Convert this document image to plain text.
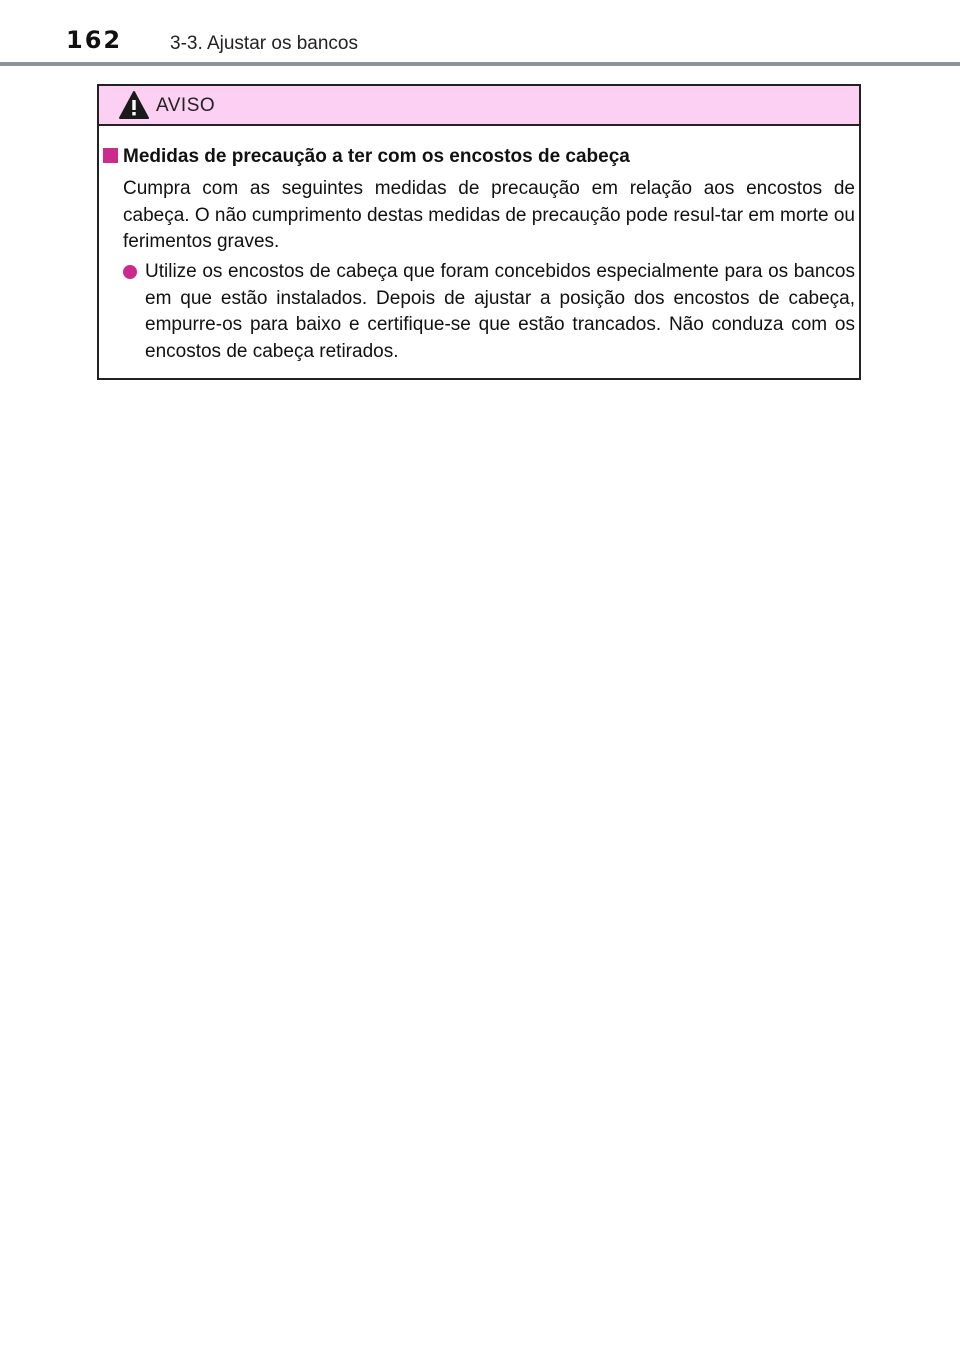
162	3-3. Ajustar os bancos
AVISO
Medidas de precaução a ter com os encostos de cabeça
Cumpra com as seguintes medidas de precaução em relação aos encostos de cabeça. O não cumprimento destas medidas de precaução pode resul-tar em morte ou ferimentos graves.
Utilize os encostos de cabeça que foram concebidos especialmente para os bancos em que estão instalados. Depois de ajustar a posição dos encostos de cabeça, empurre-os para baixo e certifique-se que estão trancados. Não conduza com os encostos de cabeça retirados.
